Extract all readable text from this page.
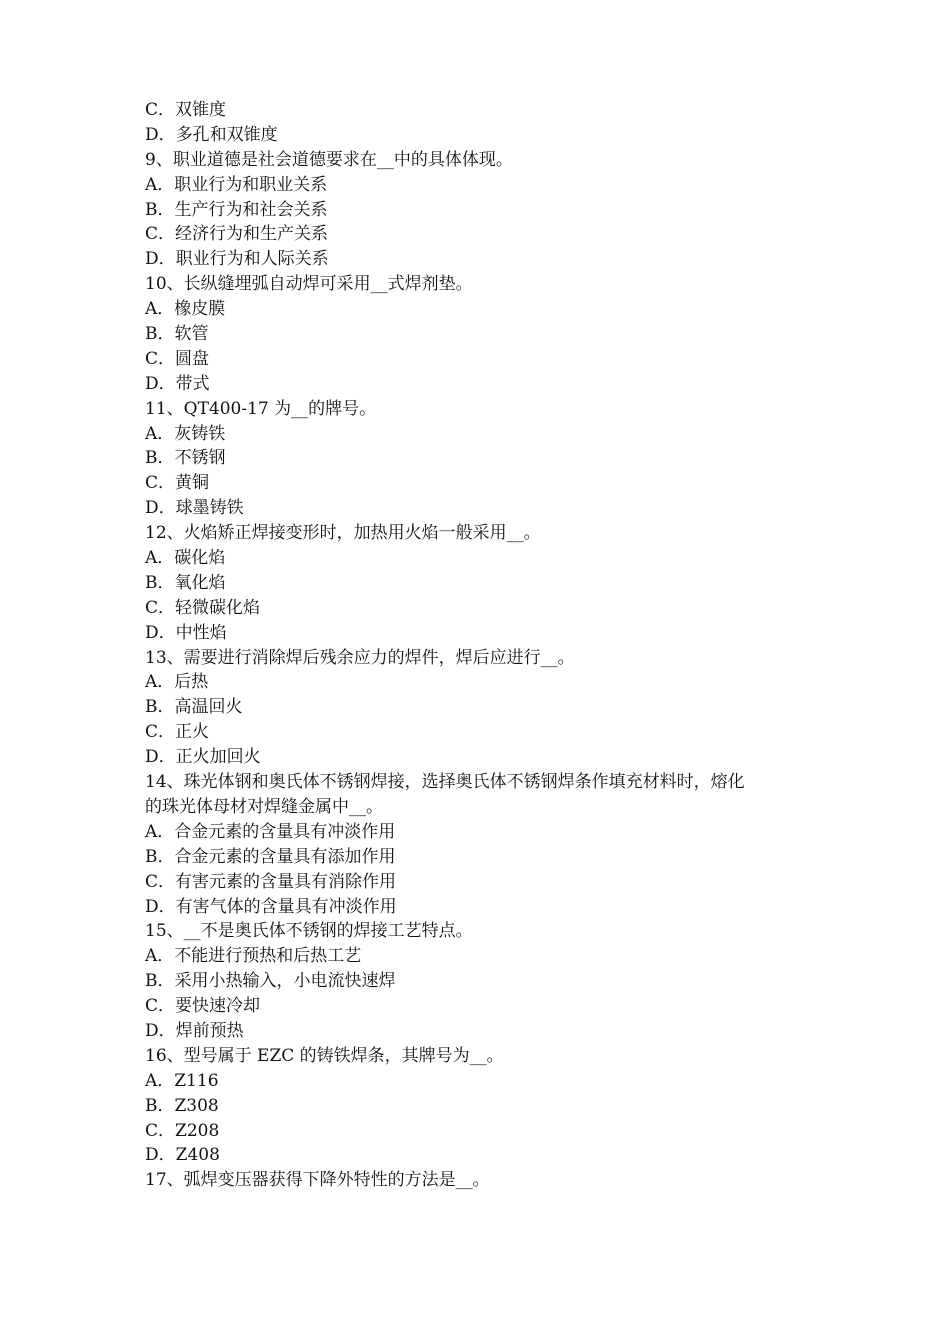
C．双锥度

D．多孔和双锥度

9、职业道德是社会道德要求在__中的具体体现。

A．职业行为和职业关系

B．生产行为和社会关系

C．经济行为和生产关系

D．职业行为和人际关系

10、长纵缝埋弧自动焊可采用__式焊剂垫。

A．橡皮膜

B．软管

C．圆盘

D．带式

11、QT400-17 为__的牌号。

A．灰铸铁

B．不锈钢

C．黄铜

D．球墨铸铁

12、火焰矫正焊接变形时，加热用火焰一般采用__。

A．碳化焰

B．氧化焰

C．轻微碳化焰

D．中性焰

13、需要进行消除焊后残余应力的焊件，焊后应进行__。

A．后热

B．高温回火

C．正火

D．正火加回火

14、珠光体钢和奥氏体不锈钢焊接，选择奥氏体不锈钢焊条作填充材料时，熔化

的珠光体母材对焊缝金属中__。

A．合金元素的含量具有冲淡作用

B．合金元素的含量具有添加作用

C．有害元素的含量具有消除作用

D．有害气体的含量具有冲淡作用

15、__不是奥氏体不锈钢的焊接工艺特点。

A．不能进行预热和后热工艺

B．采用小热输入，小电流快速焊

C．要快速冷却

D．焊前预热

16、型号属于 EZC 的铸铁焊条，其牌号为__。

A．Z116

B．Z308

C．Z208

D．Z408

17、弧焊变压器获得下降外特性的方法是__。
